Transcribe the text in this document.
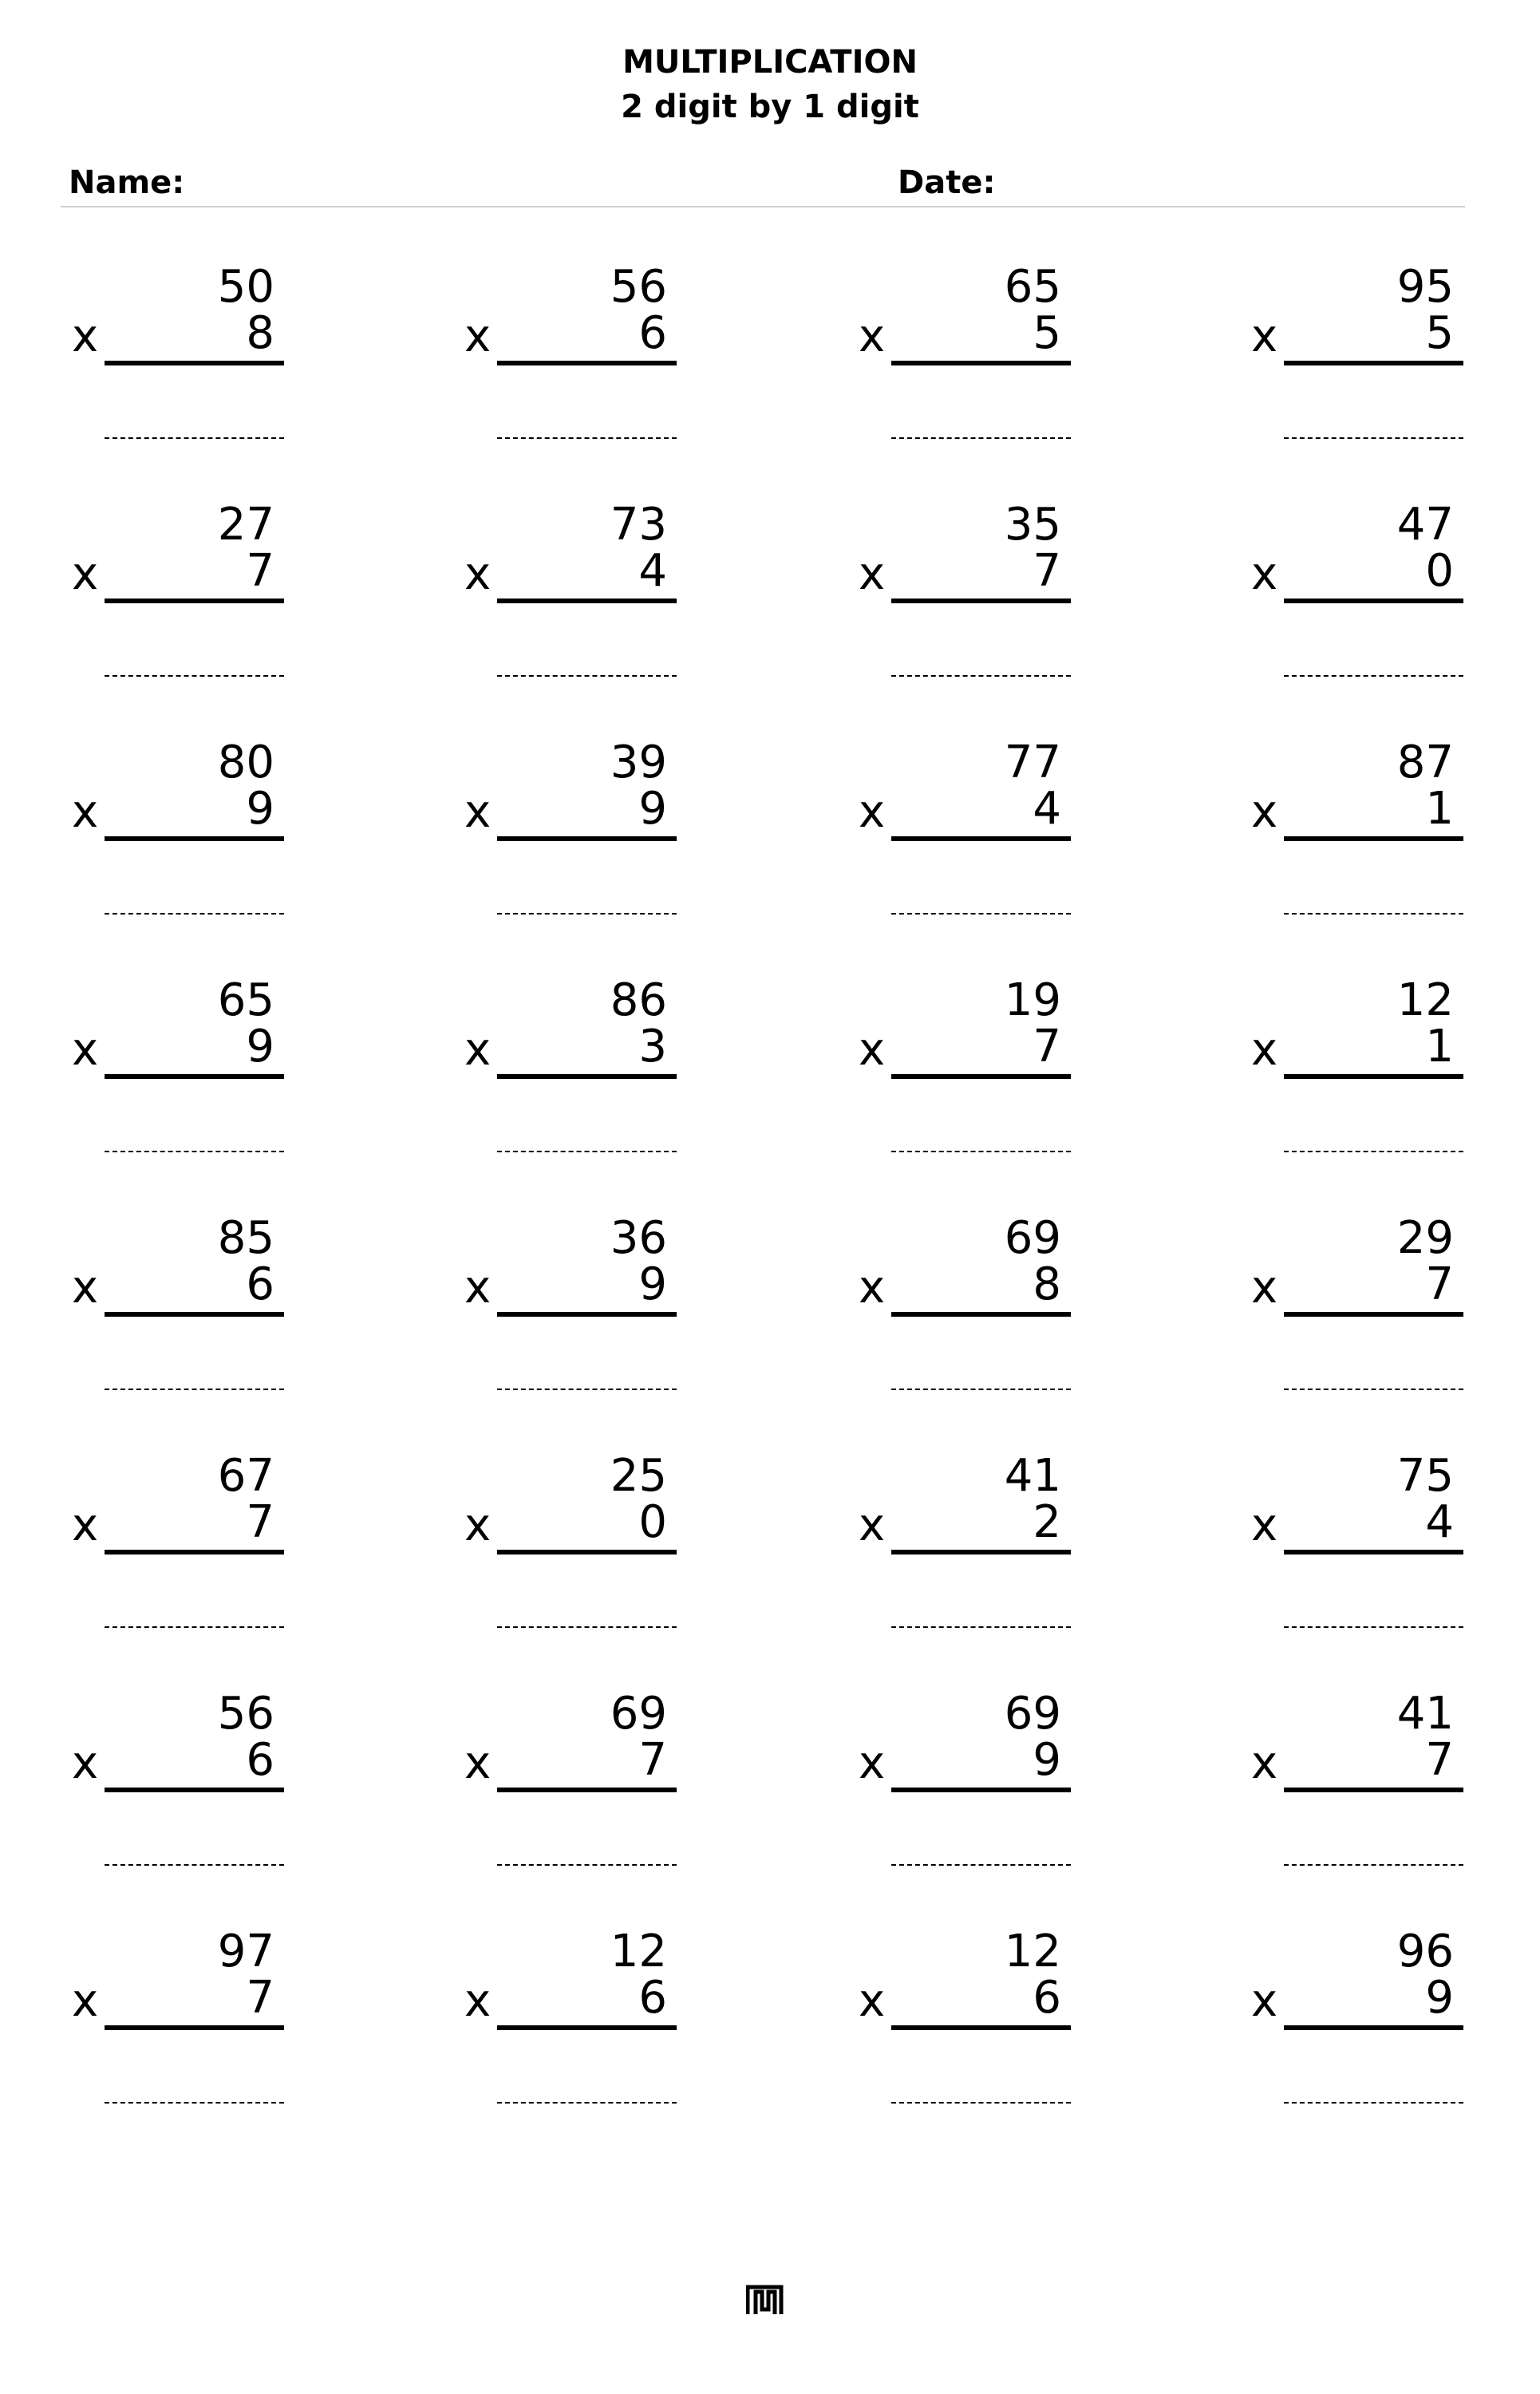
MULTIPLICATION
2 digit by 1 digit
Name:	Date:
50
x	8
56
x	6
65
x	5
95
x	5
27
x	7
73
x	4
35
x	7
47
x	0
80
x	9
39
x	9
77
x	4
87
x	1
65
x	9
86
x	3
19
x	7
12
x	1
85
x	6
36
x	9
69
x	8
29
x	7
67
x	7
25
x	0
41
x	2
75
x	4
56
x	6
69
x	7
69
x	9
41
x	7
97
x	7
12
x	6
12
x	6
96
x	9
